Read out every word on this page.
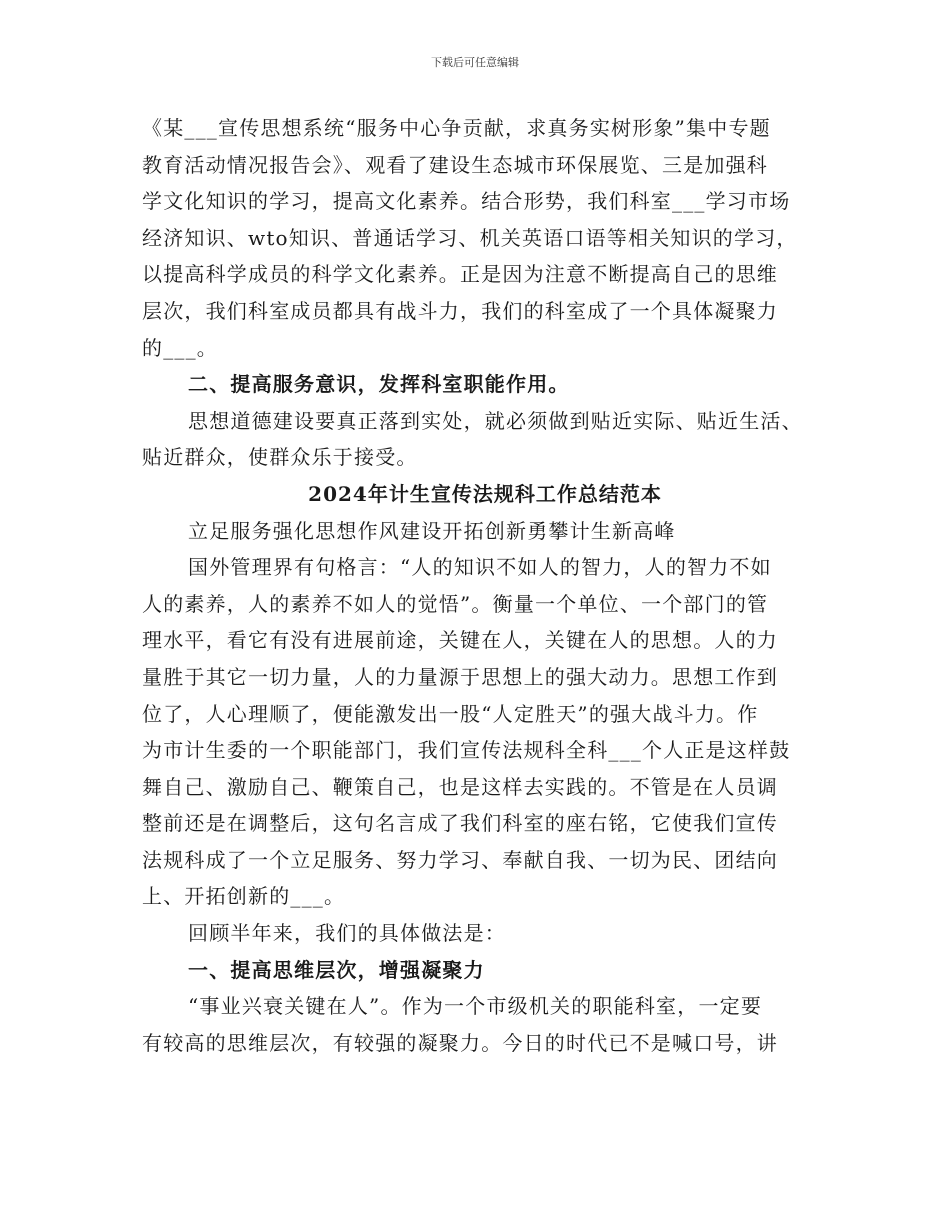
下载后可任意编辑

《某___宣传思想系统“服务中心争贡献，求真务实树形象”集中专题

教育活动情况报告会》、观看了建设生态城市环保展览、三是加强科

学文化知识的学习，提高文化素养。结合形势，我们科室___学习市场

经济知识、wto知识、普通话学习、机关英语口语等相关知识的学习，

以提高科学成员的科学文化素养。正是因为注意不断提高自己的思维

层次，我们科室成员都具有战斗力，我们的科室成了一个具体凝聚力

的___。

二、提高服务意识，发挥科室职能作用。

思想道德建设要真正落到实处，就必须做到贴近实际、贴近生活、

贴近群众，使群众乐于接受。

2024年计生宣传法规科工作总结范本

立足服务强化思想作风建设开拓创新勇攀计生新高峰

国外管理界有句格言：“人的知识不如人的智力，人的智力不如

人的素养，人的素养不如人的觉悟”。衡量一个单位、一个部门的管

理水平，看它有没有进展前途，关键在人，关键在人的思想。人的力

量胜于其它一切力量，人的力量源于思想上的强大动力。思想工作到

位了，人心理顺了，便能激发出一股“人定胜天”的强大战斗力。作

为市计生委的一个职能部门，我们宣传法规科全科___个人正是这样鼓

舞自己、激励自己、鞭策自己，也是这样去实践的。不管是在人员调

整前还是在调整后，这句名言成了我们科室的座右铭，它使我们宣传

法规科成了一个立足服务、努力学习、奉献自我、一切为民、团结向

上、开拓创新的___。

回顾半年来，我们的具体做法是：

一、提高思维层次，增强凝聚力

“事业兴衰关键在人”。作为一个市级机关的职能科室，一定要

有较高的思维层次，有较强的凝聚力。今日的时代已不是喊口号，讲
